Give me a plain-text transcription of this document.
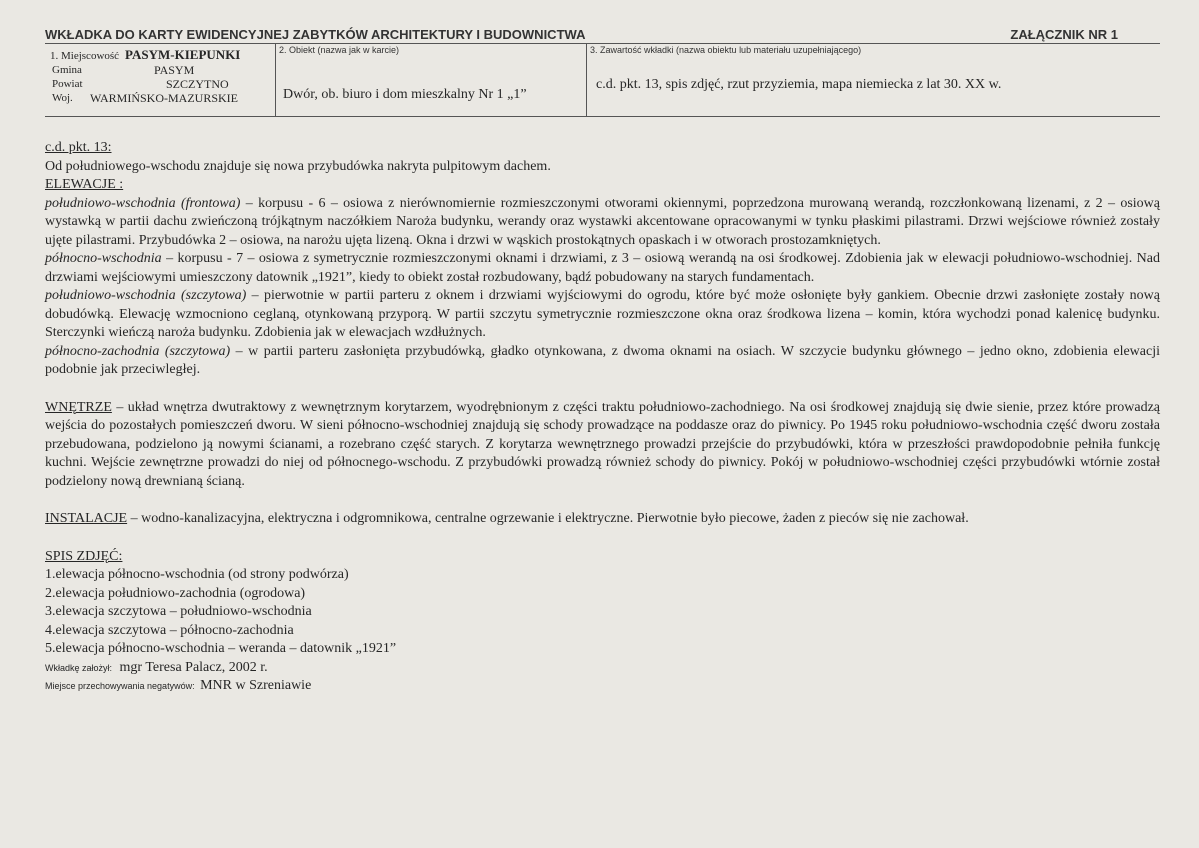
WKŁADKA DO KARTY EWIDENCYJNEJ ZABYTKÓW ARCHITEKTURY I BUDOWNICTWA	ZAŁĄCZNIK NR 1
1. Miejscowość PASYM-KIEPUNKI
Gmina	PASYM
Powiat	SZCZYTNO
Woj. WARMIŃSKO-MAZURSKIE
2. Obiekt (nazwa jak w karcie)
Dwór, ob. biuro i dom mieszkalny Nr 1 „1”
3. Zawartość wkładki (nazwa obiektu lub materiału uzupełniającego)
c.d. pkt. 13, spis zdjęć, rzut przyziemia, mapa niemiecka z lat 30. XX w.

c.d. pkt. 13:

Od południowego-wschodu znajduje się nowa przybudówka nakryta pulpitowym dachem.

ELEWACJE :

południowo-wschodnia (frontowa) – korpusu - 6 – osiowa z nierównomiernie rozmieszczonymi otworami okiennymi, poprzedzona murowaną werandą, rozczłonkowaną lizenami, z 2 – osiową wystawką w partii dachu zwieńczoną trójkątnym naczółkiem Naroża budynku, werandy oraz wystawki akcentowane opracowanymi w tynku płaskimi pilastrami. Drzwi wejściowe również zostały ujęte pilastrami. Przybudówka 2 – osiowa, na narożu ujęta lizeną. Okna i drzwi w wąskich prostokątnych opaskach i w otworach prostozamkniętych.

północno-wschodnia – korpusu - 7 – osiowa z symetrycznie rozmieszczonymi oknami i drzwiami, z 3 – osiową werandą na osi środkowej. Zdobienia jak w elewacji południowo-wschodniej. Nad drzwiami wejściowymi umieszczony datownik „1921”, kiedy to obiekt został rozbudowany, bądź pobudowany na starych fundamentach.

południowo-wschodnia (szczytowa) – pierwotnie w partii parteru z oknem i drzwiami wyjściowymi do ogrodu, które być może osłonięte były gankiem. Obecnie drzwi zasłonięte zostały nową dobudówką. Elewację wzmocniono ceglaną, otynkowaną przyporą. W partii szczytu symetrycznie rozmieszczone okna oraz środkowa lizena – komin, która wychodzi ponad kalenicę budynku. Sterczynki wieńczą naroża budynku. Zdobienia jak w elewacjach wzdłużnych.

północno-zachodnia (szczytowa) – w partii parteru zasłonięta przybudówką, gładko otynkowana, z dwoma oknami na osiach. W szczycie budynku głównego – jedno okno, zdobienia elewacji podobnie jak przeciwległej.

WNĘTRZE – układ wnętrza dwutraktowy z wewnętrznym korytarzem, wyodrębnionym z części traktu południowo-zachodniego. Na osi środkowej znajdują się dwie sienie, przez które prowadzą wejścia do pozostałych pomieszczeń dworu. W sieni północno-wschodniej znajdują się schody prowadzące na poddasze oraz do piwnicy. Po 1945 roku południowo-wschodnia część dworu została przebudowana, podzielono ją nowymi ścianami, a rozebrano część starych. Z korytarza wewnętrznego prowadzi przejście do przybudówki, która w przeszłości prawdopodobnie pełniła funkcję kuchni. Wejście zewnętrzne prowadzi do niej od północnego-wschodu. Z przybudówki prowadzą również schody do piwnicy. Pokój w południowo-wschodniej części przybudówki wtórnie został podzielony nową drewnianą ścianą.

INSTALACJE – wodno-kanalizacyjna, elektryczna i odgromnikowa, centralne ogrzewanie i elektryczne. Pierwotnie było piecowe, żaden z pieców się nie zachował.

SPIS ZDJĘĆ:

1.elewacja północno-wschodnia (od strony podwórza)

2.elewacja południowo-zachodnia (ogrodowa)

3.elewacja szczytowa – południowo-wschodnia

4.elewacja szczytowa – północno-zachodnia

5.elewacja północno-wschodnia – weranda – datownik „1921”

Wkładkę założył: mgr Teresa Palacz, 2002 r.
Miejsce przechowywania negatywów: MNR w Szreniawie
